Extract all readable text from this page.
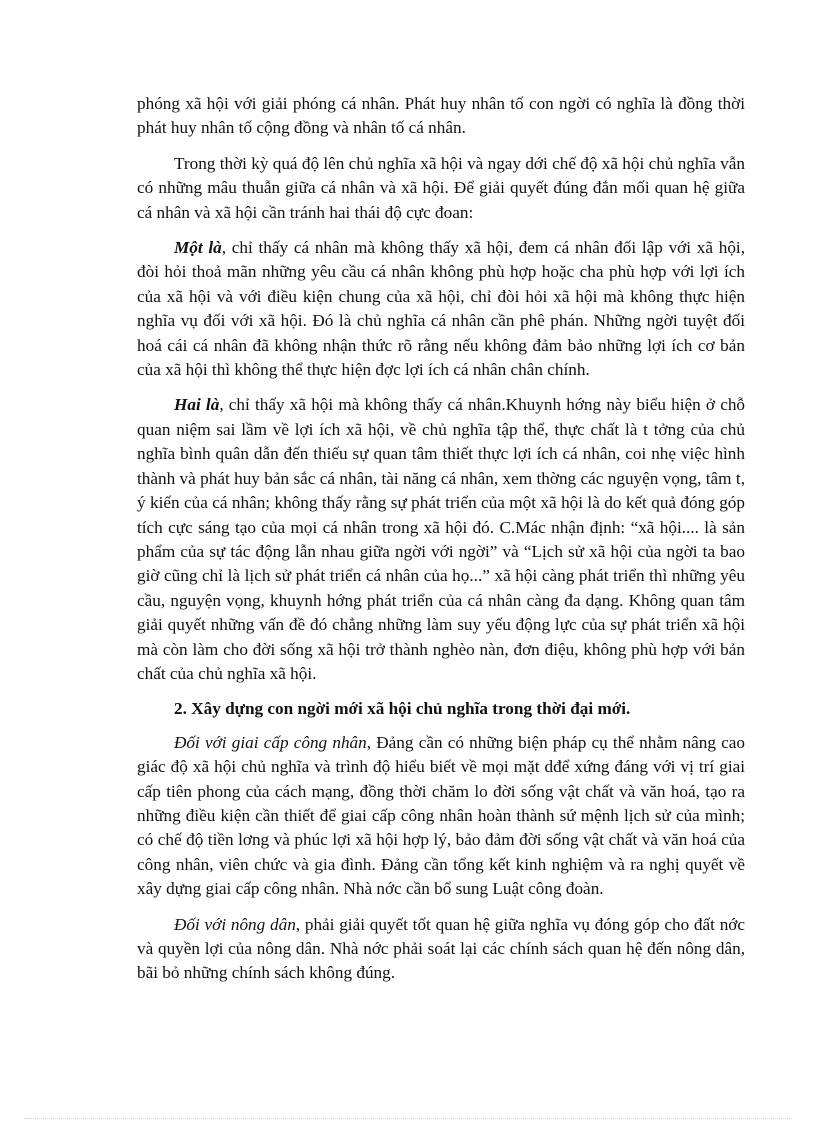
phóng xã hội với giải phóng cá nhân. Phát huy nhân tố con ngời có nghĩa là đồng thời phát huy nhân tố cộng đồng và nhân tố cá nhân.

Trong thời kỳ quá độ lên chủ nghĩa xã hội và ngay dới chế độ xã hội chủ nghĩa vẫn có những mâu thuẫn giữa cá nhân và xã hội. Để giải quyết đúng đắn mối quan hệ giữa cá nhân và xã hội cần tránh hai thái độ cực đoan:

Một là, chỉ thấy cá nhân mà không thấy xã hội, đem cá nhân đối lập với xã hội, đòi hỏi thoả mãn những yêu cầu cá nhân không phù hợp hoặc cha phù hợp với lợi ích của xã hội và với điều kiện chung của xã hội, chỉ đòi hỏi xã hội mà không thực hiện nghĩa vụ đối với xã hội. Đó là chủ nghĩa cá nhân cần phê phán. Những ngời tuyệt đối hoá cái cá nhân đã không nhận thức rõ rằng nếu không đảm bảo những lợi ích cơ bản của xã hội thì không thể thực hiện đợc lợi ích cá nhân chân chính.

Hai là, chỉ thấy xã hội mà không thấy cá nhân.Khuynh hớng này biểu hiện ở chỗ quan niệm sai lầm về lợi ích xã hội, về chủ nghĩa tập thể, thực chất là t tởng của chủ nghĩa bình quân dẫn đến thiếu sự quan tâm thiết thực lợi ích cá nhân, coi nhẹ việc hình thành và phát huy bản sắc cá nhân, tài năng cá nhân, xem thờng các nguyện vọng, tâm t, ý kiến của cá nhân; không thấy rằng sự phát triển của một xã hội là do kết quả đóng góp tích cực sáng tạo của mọi cá nhân trong xã hội đó. C.Mác nhận định: “xã hội.... là sản phẩm của sự tác động lẫn nhau giữa ngời với ngời” và “Lịch sử xã hội của ngời ta bao giờ cũng chỉ là lịch sử phát triển cá nhân của họ...” xã hội càng phát triển thì những yêu cầu, nguyện vọng, khuynh hớng phát triển của cá nhân càng đa dạng. Không quan tâm giải quyết những vấn đề đó chẳng những làm suy yếu động lực của sự phát triển xã hội mà còn làm cho đời sống xã hội trở thành nghèo nàn, đơn điệu, không phù hợp với bản chất của chủ nghĩa xã hội.

2. Xây dựng con ngời mới xã hội chủ nghĩa trong thời đại mới.

Đối với giai cấp công nhân, Đảng cần có những biện pháp cụ thể nhằm nâng cao giác độ xã hội chủ nghĩa và trình độ hiểu biết về mọi mặt dđể xứng đáng với vị trí giai cấp tiên phong của cách mạng, đồng thời chăm lo đời sống vật chất và văn hoá, tạo ra những điều kiện cần thiết để giai cấp công nhân hoàn thành sứ mệnh lịch sử của mình; có chế độ tiền lơng và phúc lợi xã hội hợp lý, bảo đảm đời sống vật chất và văn hoá của công nhân, viên chức và gia đình. Đảng cần tổng kết kinh nghiệm và ra nghị quyết về xây dựng giai cấp công nhân. Nhà nớc cần bổ sung Luật công đoàn.

Đối với nông dân, phải giải quyết tốt quan hệ giữa nghĩa vụ đóng góp cho đất nớc và quyền lợi của nông dân. Nhà nớc phải soát lại các chính sách quan hệ đến nông dân, bãi bỏ những chính sách không đúng.
